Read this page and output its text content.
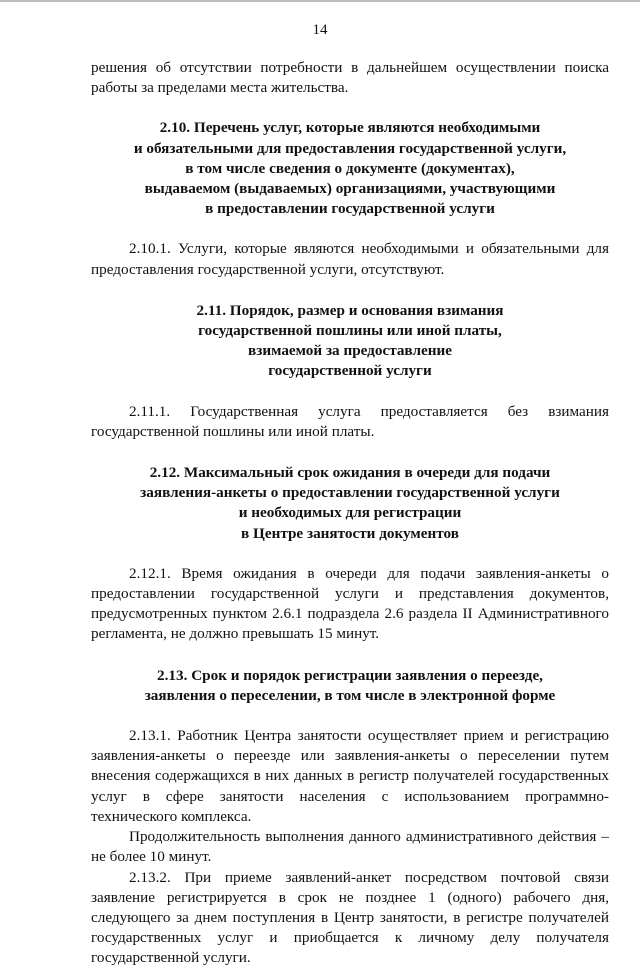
14

решения об отсутствии потребности в дальнейшем осуществлении поиска работы за пределами места жительства.

2.10. Перечень услуг, которые являются необходимыми
и обязательными для предоставления государственной услуги,
в том числе сведения о документе (документах),
выдаваемом (выдаваемых) организациями, участвующими
в предоставлении государственной услуги

2.10.1. Услуги, которые являются необходимыми и обязательными для предоставления государственной услуги, отсутствуют.

2.11. Порядок, размер и основания взимания
государственной пошлины или иной платы,
взимаемой за предоставление
государственной услуги

2.11.1. Государственная услуга предоставляется без взимания государственной пошлины или иной платы.

2.12. Максимальный срок ожидания в очереди для подачи
заявления-анкеты о предоставлении государственной услуги
и необходимых для регистрации
в Центре занятости документов

2.12.1. Время ожидания в очереди для подачи заявления-анкеты о предоставлении государственной услуги и представления документов, предусмотренных пунктом 2.6.1 подраздела 2.6 раздела II Административного регламента, не должно превышать 15 минут.

2.13. Срок и порядок регистрации заявления о переезде,
заявления о переселении, в том числе в электронной форме

2.13.1. Работник Центра занятости осуществляет прием и регистрацию заявления-анкеты о переезде или заявления-анкеты о переселении путем внесения содержащихся в них данных в регистр получателей государственных услуг в сфере занятости населения с использованием программно-технического комплекса.

Продолжительность выполнения данного административного действия – не более 10 минут.

2.13.2. При приеме заявлений-анкет посредством почтовой связи заявление регистрируется в срок не позднее 1 (одного) рабочего дня, следующего за днем поступления в Центр занятости, в регистре получателей государственных услуг и приобщается к личному делу получателя государственной услуги.
